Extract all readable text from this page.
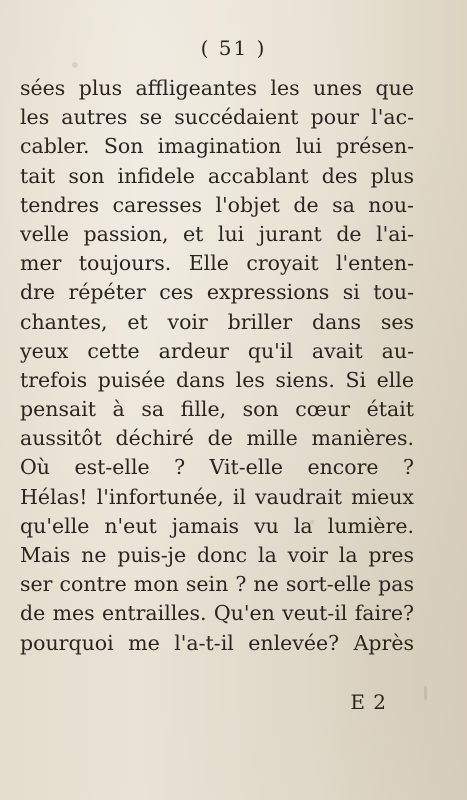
( 51 )
sées plus affligeantes les unes que
les autres se succédaient pour l'ac-
cabler. Son imagination lui présen-
tait son infidele accablant des plus
tendres caresses l'objet de sa nou-
velle passion, et lui jurant de l'ai-
mer toujours. Elle croyait l'enten-
dre répéter ces expressions si tou-
chantes, et voir briller dans ses
yeux cette ardeur qu'il avait au-
trefois puisée dans les siens. Si elle
pensait à sa fille, son cœur était
aussitôt déchiré de mille manières.
Où est-elle ? Vit-elle encore ?
Hélas! l'infortunée, il vaudrait mieux
qu'elle n'eut jamais vu la lumière.
Mais ne puis-je donc la voir la pres
ser contre mon sein ? ne sort-elle pas
de mes entrailles. Qu'en veut-il faire?
pourquoi me l'a-t-il enlevée? Après
E 2
